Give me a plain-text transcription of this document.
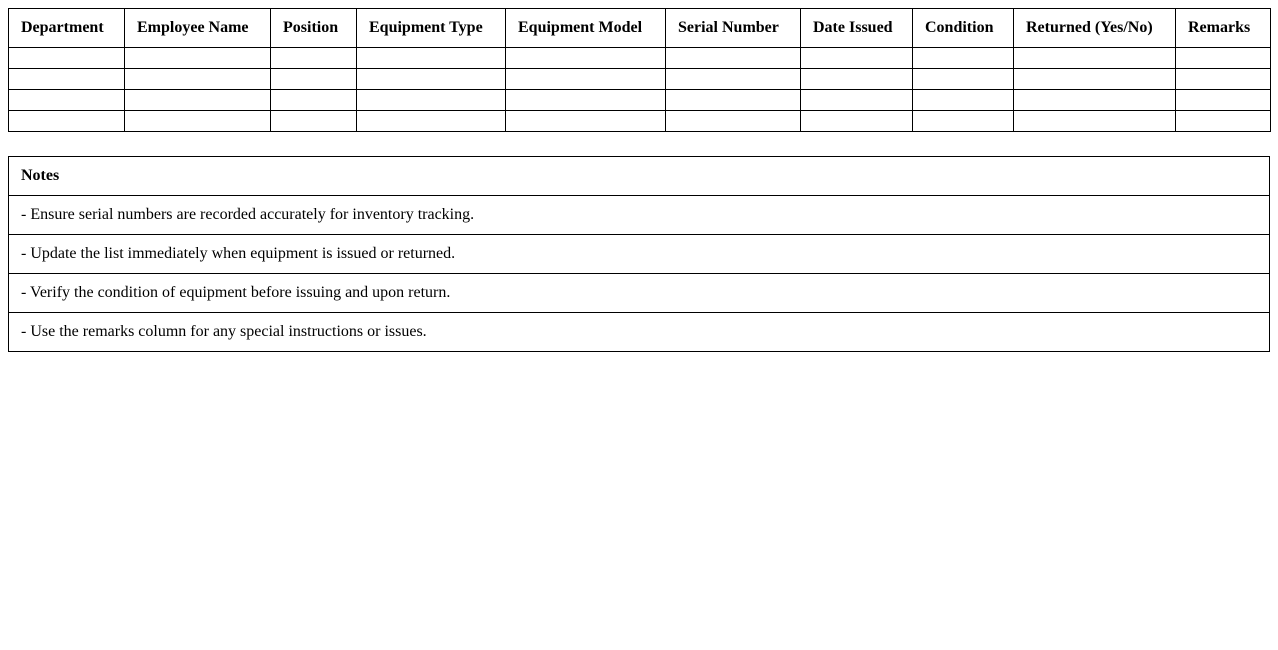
Department	Employee Name	Position	Equipment Type	Equipment Model	Serial Number	Date Issued	Condition	Returned (Yes/No)	Remarks

Notes
- Ensure serial numbers are recorded accurately for inventory tracking.
- Update the list immediately when equipment is issued or returned.
- Verify the condition of equipment before issuing and upon return.
- Use the remarks column for any special instructions or issues.
